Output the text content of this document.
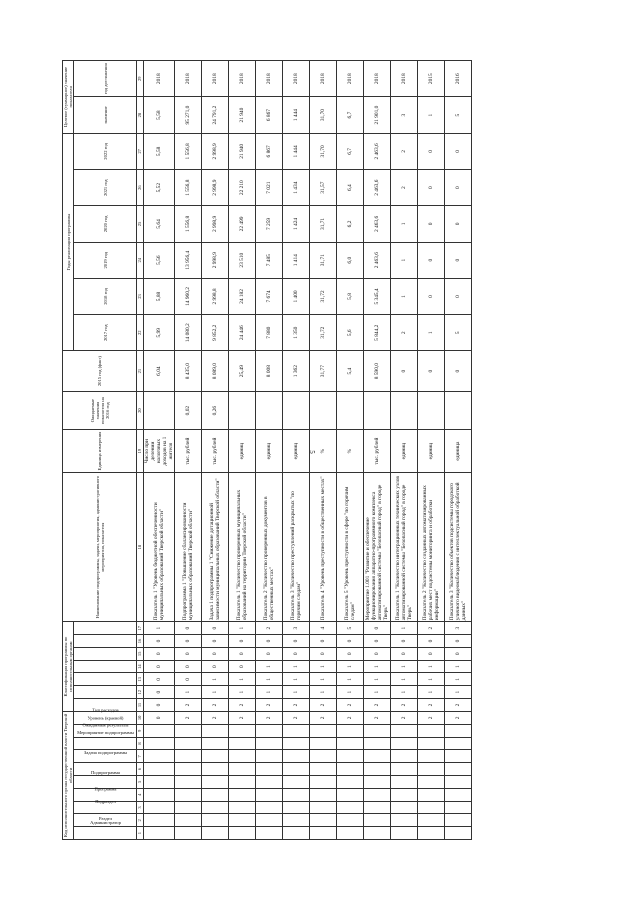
5
Код исполнительного органа государственной власти Тверской области										Классификация программы по исполнительным органам							Наименование подпрограммы, задачи, мероприятия, административного мероприятия, показателя	Единица измерения	Ожидаемые значения показателя на 2016 год	2015 год (факт)	Годы реализации программы						Целевое (суммарное) значение показателя	
Администратор	Раздел	Подраздел	Программа	Подпрограмма	Задача подпрограммы	Мероприятие подпрограммы	Ожидаемые результаты	Уровень (краевой)	Тип расходов												2017 год	2018 год	2019 год	2020 год	2021 год	2022 год	значение	год достижения
1	2	3	4	5	6	7	8	9	10	11	12	13	14	15	16	17	18	19	20	21	22	23	24	25	26	27	28	29
									0	0	0	0	0	0	0	1	Показатель 1 "Уровень бюджетной обеспеченности муниципальных образований Тверской области"	Число при делении налоговых доходов на 1 жителя		6,04	5,99	5,88	5,56	5,64	5,52	5,58	5,58	2018
									2	2	1	0	0	0	0	0	Подпрограмма 1 "Повышение сбалансированности муниципальных образований Тверской области"	тыс. рублей	0,02	8 435,0	14 080,2	14 960,2	13 956,4	1 556,8	1 556,8	1 556,8	95 271,0	2018
									2	2	1	1	0	0	0	0	Задача 1 подпрограммы 1 "Снижение дотационной зависимости муниципальных образований Тверской области"	тыс. рублей	0,26	8 089,0	9 852,2	2 998,8	2 998,9	2 998,9	2 998,9	2 998,9	24 791,2	2018
									2	2	1	1	0	0	0	1	Показатель 1 "Количество проверенных муниципальных образований на территории Тверской области"	единиц		25,49	24 446	24 182	23 510	22 499	22 210	21 940	21 940	2018
									2	2	1	1	1	0	0	2	Показатель 2 "Количество проверенных документов в общественных местах"	единиц		8 008	7 880	7 674	7 485	7 259	7 021	6 867	6 867	2018
									2	2	1	1	1	0	0	3	Показатель 3 "Количество преступлений раскрытых "по горячим следам"	единиц		1 362	1 350	1 400	1 414	1 424	1 434	1 444	1 444	2018
									2	2	1	1	1	0	0	4	Показатель 4 "Уровень преступности в общественных местах"	%		31,77	31,72	31,72	31,71	31,71	31,57	31,70	31,70	2018
									2	2	1	1	1	0	0	5	Показатель 5 "Уровень преступности в сфере "по горячим следам"	%		5,4	5,6	5,8	6,0	6,2	6,4	6,7	6,7	2018
									2	2	1	1	1	0	0	0	Мероприятие 1.001 "Развитие и обеспечение функционирования аппаратно-программного комплекса автоматизированной системы "Безопасный город" в городе Тверь"	тыс. рублей		8 590,0	5 844,2	5 345,4	2 463,6	2 463,6	2 463,6	2 463,6	21 901,0	2018
									2	2	1	1	1	0	0	1	Показатель 1 "Количество интеграционных технических узлов автоматизированной системы "Безопасный город" в городе Тверь"	единиц		0	2	1	1	1	2	2	3	2018
									2	2	1	1	1	0	0	2	Показатель 2 "Количество созданных автоматизированных рабочих мест подсистемы мониторинга и обработки информации"	единиц		0	1	0	0	0	0	0	1	2015
									2	2	1	1	1	0	0	3	Показатель 3 "Количество объектов подсистемы городского уличного видеонаблюдения с интеллектуальной обработкой данных"	единица		0	5	0	0	0	0	0	5	2016
